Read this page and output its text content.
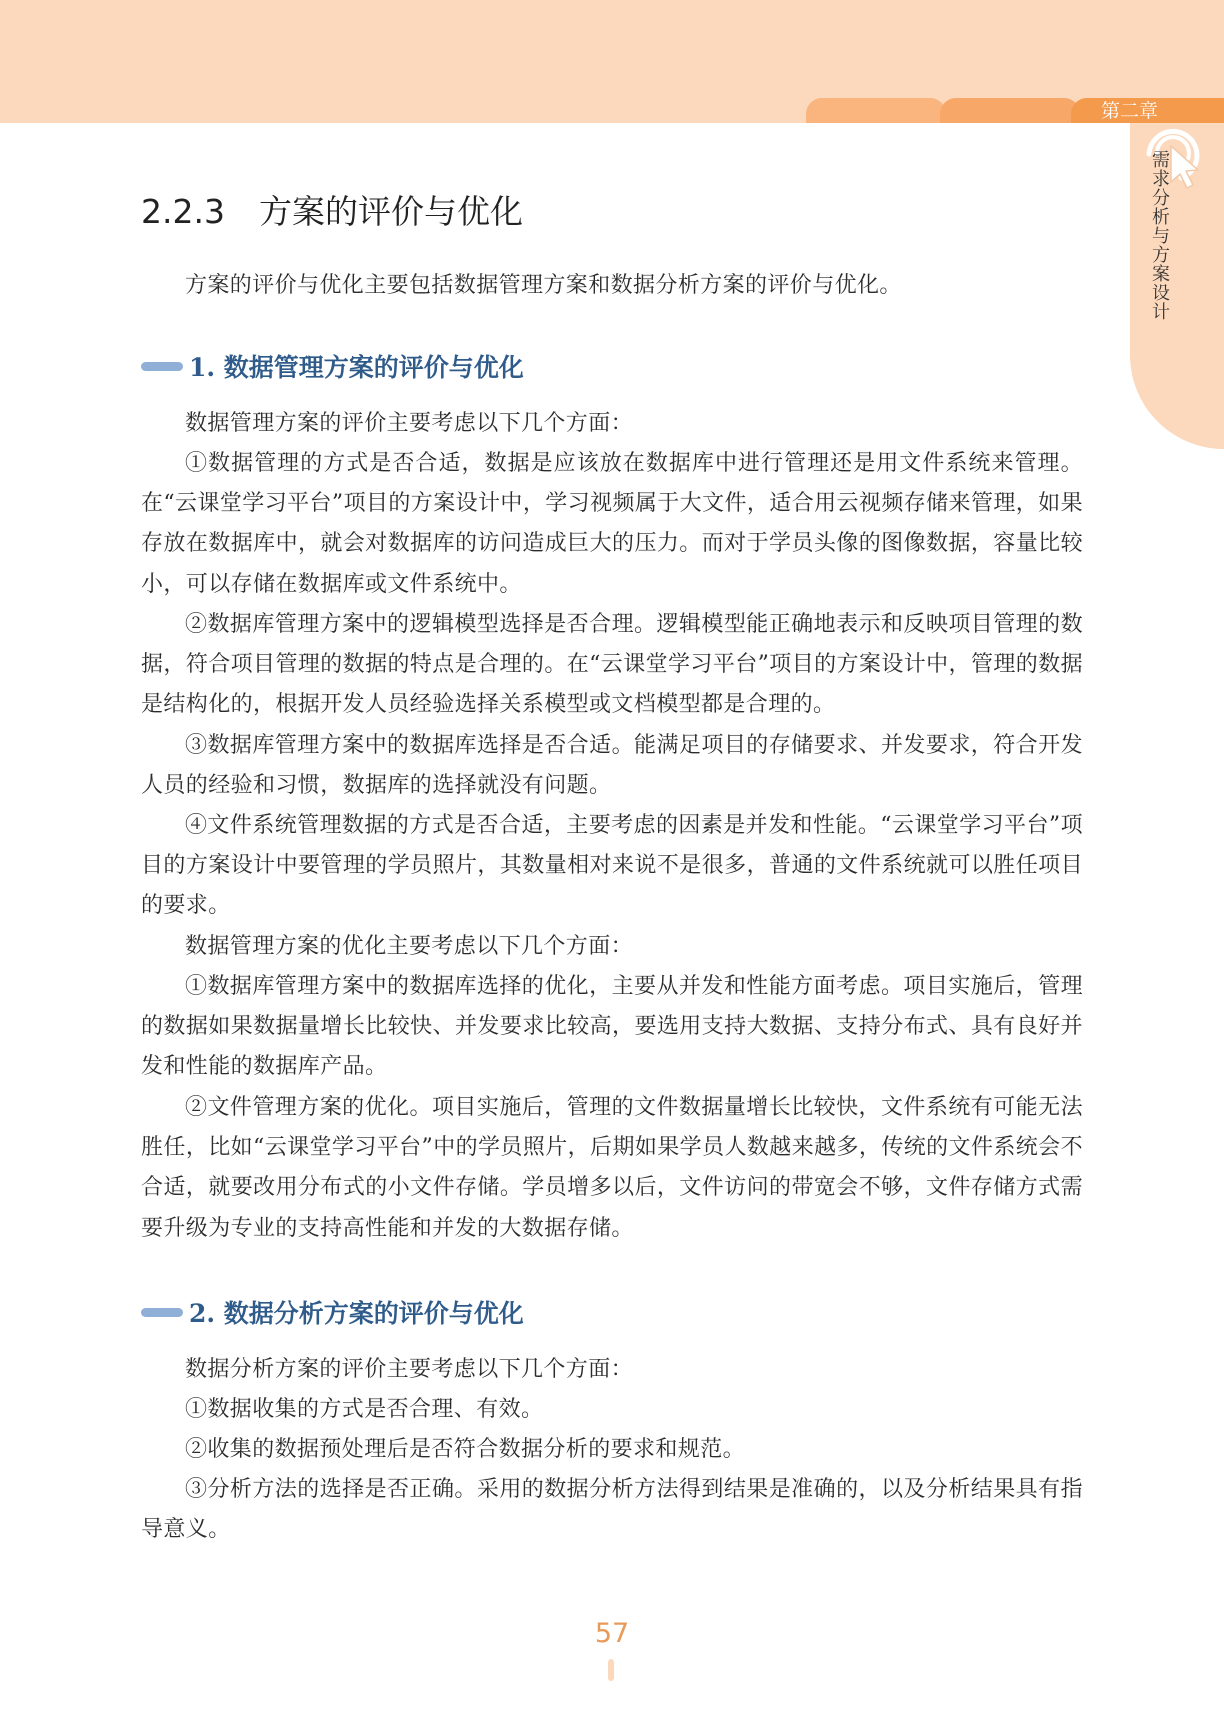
第二章
需求分析与方案设计
2.2.3 方案的评价与优化

方案的评价与优化主要包括数据管理方案和数据分析方案的评价与优化。

1. 数据管理方案的评价与优化

数据管理方案的评价主要考虑以下几个方面：

①数据管理的方式是否合适，数据是应该放在数据库中进行管理还是用文件系统来管理。在“云课堂学习平台”项目的方案设计中，学习视频属于大文件，适合用云视频存储来管理，如果存放在数据库中，就会对数据库的访问造成巨大的压力。而对于学员头像的图像数据，容量比较小，可以存储在数据库或文件系统中。

②数据库管理方案中的逻辑模型选择是否合理。逻辑模型能正确地表示和反映项目管理的数据，符合项目管理的数据的特点是合理的。在“云课堂学习平台”项目的方案设计中，管理的数据是结构化的，根据开发人员经验选择关系模型或文档模型都是合理的。

③数据库管理方案中的数据库选择是否合适。能满足项目的存储要求、并发要求，符合开发人员的经验和习惯，数据库的选择就没有问题。

④文件系统管理数据的方式是否合适，主要考虑的因素是并发和性能。“云课堂学习平台”项目的方案设计中要管理的学员照片，其数量相对来说不是很多，普通的文件系统就可以胜任项目的要求。

数据管理方案的优化主要考虑以下几个方面：

①数据库管理方案中的数据库选择的优化，主要从并发和性能方面考虑。项目实施后，管理的数据如果数据量增长比较快、并发要求比较高，要选用支持大数据、支持分布式、具有良好并发和性能的数据库产品。

②文件管理方案的优化。项目实施后，管理的文件数据量增长比较快，文件系统有可能无法胜任，比如“云课堂学习平台”中的学员照片，后期如果学员人数越来越多，传统的文件系统会不合适，就要改用分布式的小文件存储。学员增多以后，文件访问的带宽会不够，文件存储方式需要升级为专业的支持高性能和并发的大数据存储。

2. 数据分析方案的评价与优化

数据分析方案的评价主要考虑以下几个方面：

①数据收集的方式是否合理、有效。

②收集的数据预处理后是否符合数据分析的要求和规范。

③分析方法的选择是否正确。采用的数据分析方法得到结果是准确的，以及分析结果具有指导意义。

57
